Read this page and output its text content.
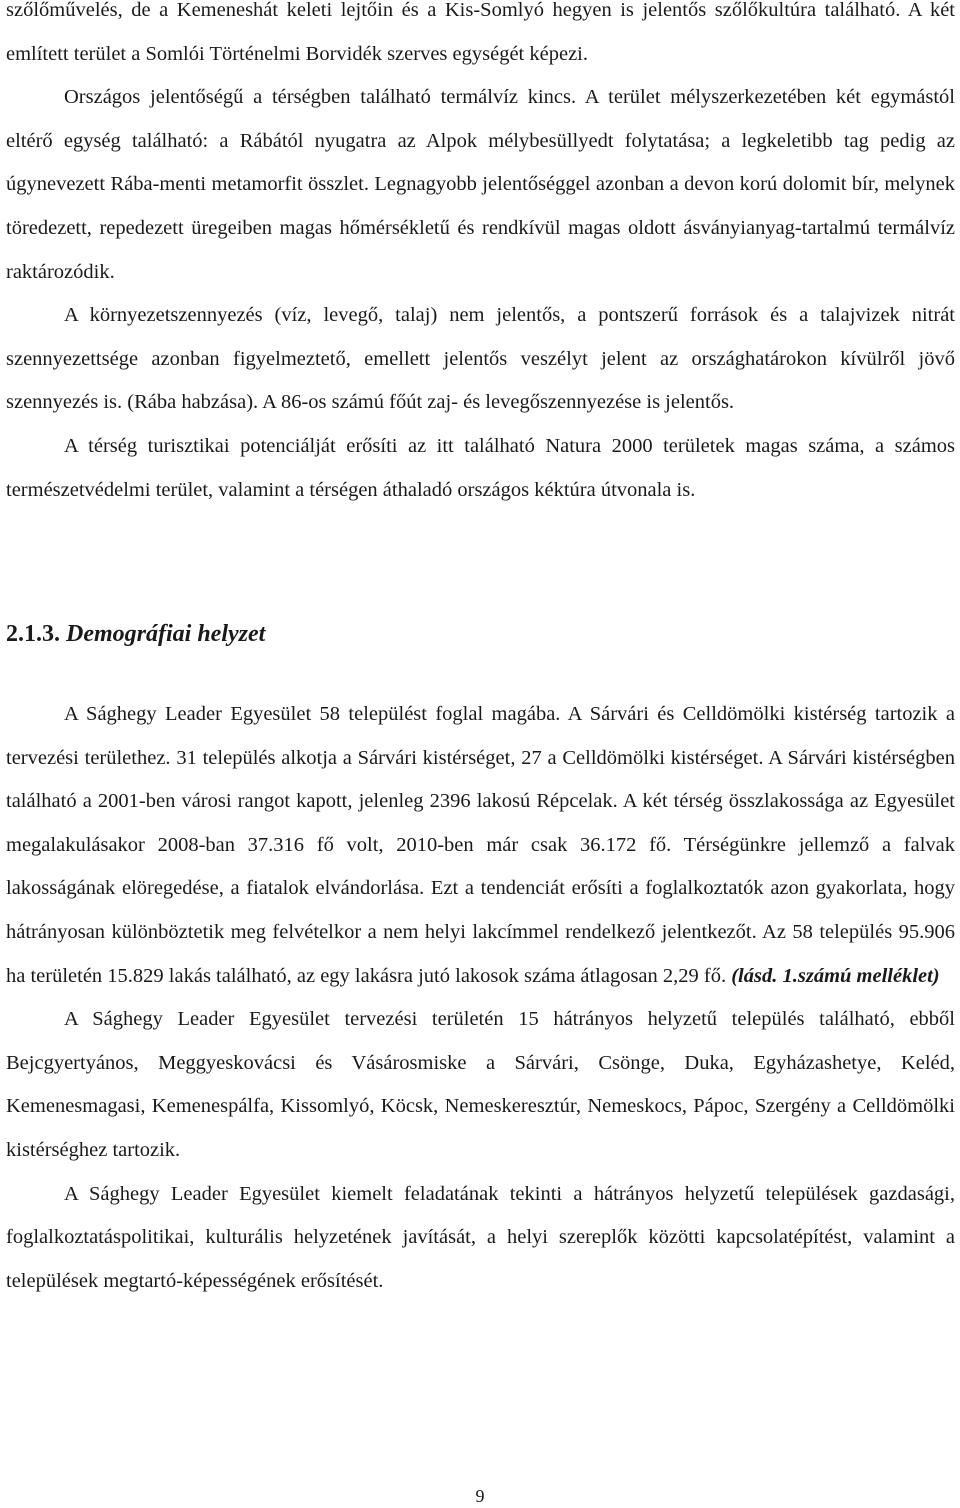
szőlőművelés, de a Kemeneshát keleti lejtőin és a Kis-Somlyó hegyen is jelentős szőlőkultúra található. A két említett terület a Somlói Történelmi Borvidék szerves egységét képezi.

Országos jelentőségű a térségben található termálvíz kincs. A terület mélyszerkezetében két egymástól eltérő egység található: a Rábától nyugatra az Alpok mélybesüllyedt folytatása; a legkeletibb tag pedig az úgynevezett Rába-menti metamorfit összlet. Legnagyobb jelentőséggel azonban a devon korú dolomit bír, melynek töredezett, repedezett üregeiben magas hőmérsékletű és rendkívül magas oldott ásványianyag-tartalmú termálvíz raktározódik.

A környezetszennyezés (víz, levegő, talaj) nem jelentős, a pontszerű források és a talajvizek nitrát szennyezettsége azonban figyelmeztető, emellett jelentős veszélyt jelent az országhatárokon kívülről jövő szennyezés is. (Rába habzása). A 86-os számú főút zaj- és levegőszennyezése is jelentős.

A térség turisztikai potenciálját erősíti az itt található Natura 2000 területek magas száma, a számos természetvédelmi terület, valamint a térségen áthaladó országos kéktúra útvonala is.

2.1.3. Demográfiai helyzet

A Sághegy Leader Egyesület 58 települést foglal magába. A Sárvári és Celldömölki kistérség tartozik a tervezési területhez. 31 település alkotja a Sárvári kistérséget, 27 a Celldömölki kistérséget. A Sárvári kistérségben található a 2001-ben városi rangot kapott, jelenleg 2396 lakosú Répcelak. A két térség összlakossága az Egyesület megalakulásakor 2008-ban 37.316 fő volt, 2010-ben már csak 36.172 fő. Térségünkre jellemző a falvak lakosságának elöregedése, a fiatalok elvándorlása. Ezt a tendenciát erősíti a foglalkoztatók azon gyakorlata, hogy hátrányosan különböztetik meg felvételkor a nem helyi lakcímmel rendelkező jelentkezőt. Az 58 település 95.906 ha területén 15.829 lakás található, az egy lakásra jutó lakosok száma átlagosan 2,29 fő. (lásd. 1.számú melléklet)

A Sághegy Leader Egyesület tervezési területén 15 hátrányos helyzetű település található, ebből Bejcgyertyános, Meggyeskovácsi és Vásárosmiske a Sárvári, Csönge, Duka, Egyházashetye, Keléd, Kemenesmagasi, Kemenespálfa, Kissomlyó, Köcsk, Nemeskeresztúr, Nemeskocs, Pápoc, Szergény a Celldömölki kistérséghez tartozik.

A Sághegy Leader Egyesület kiemelt feladatának tekinti a hátrányos helyzetű települések gazdasági, foglalkoztatáspolitikai, kulturális helyzetének javítását, a helyi szereplők közötti kapcsolatépítést, valamint a települések megtartó-képességének erősítését.

9
